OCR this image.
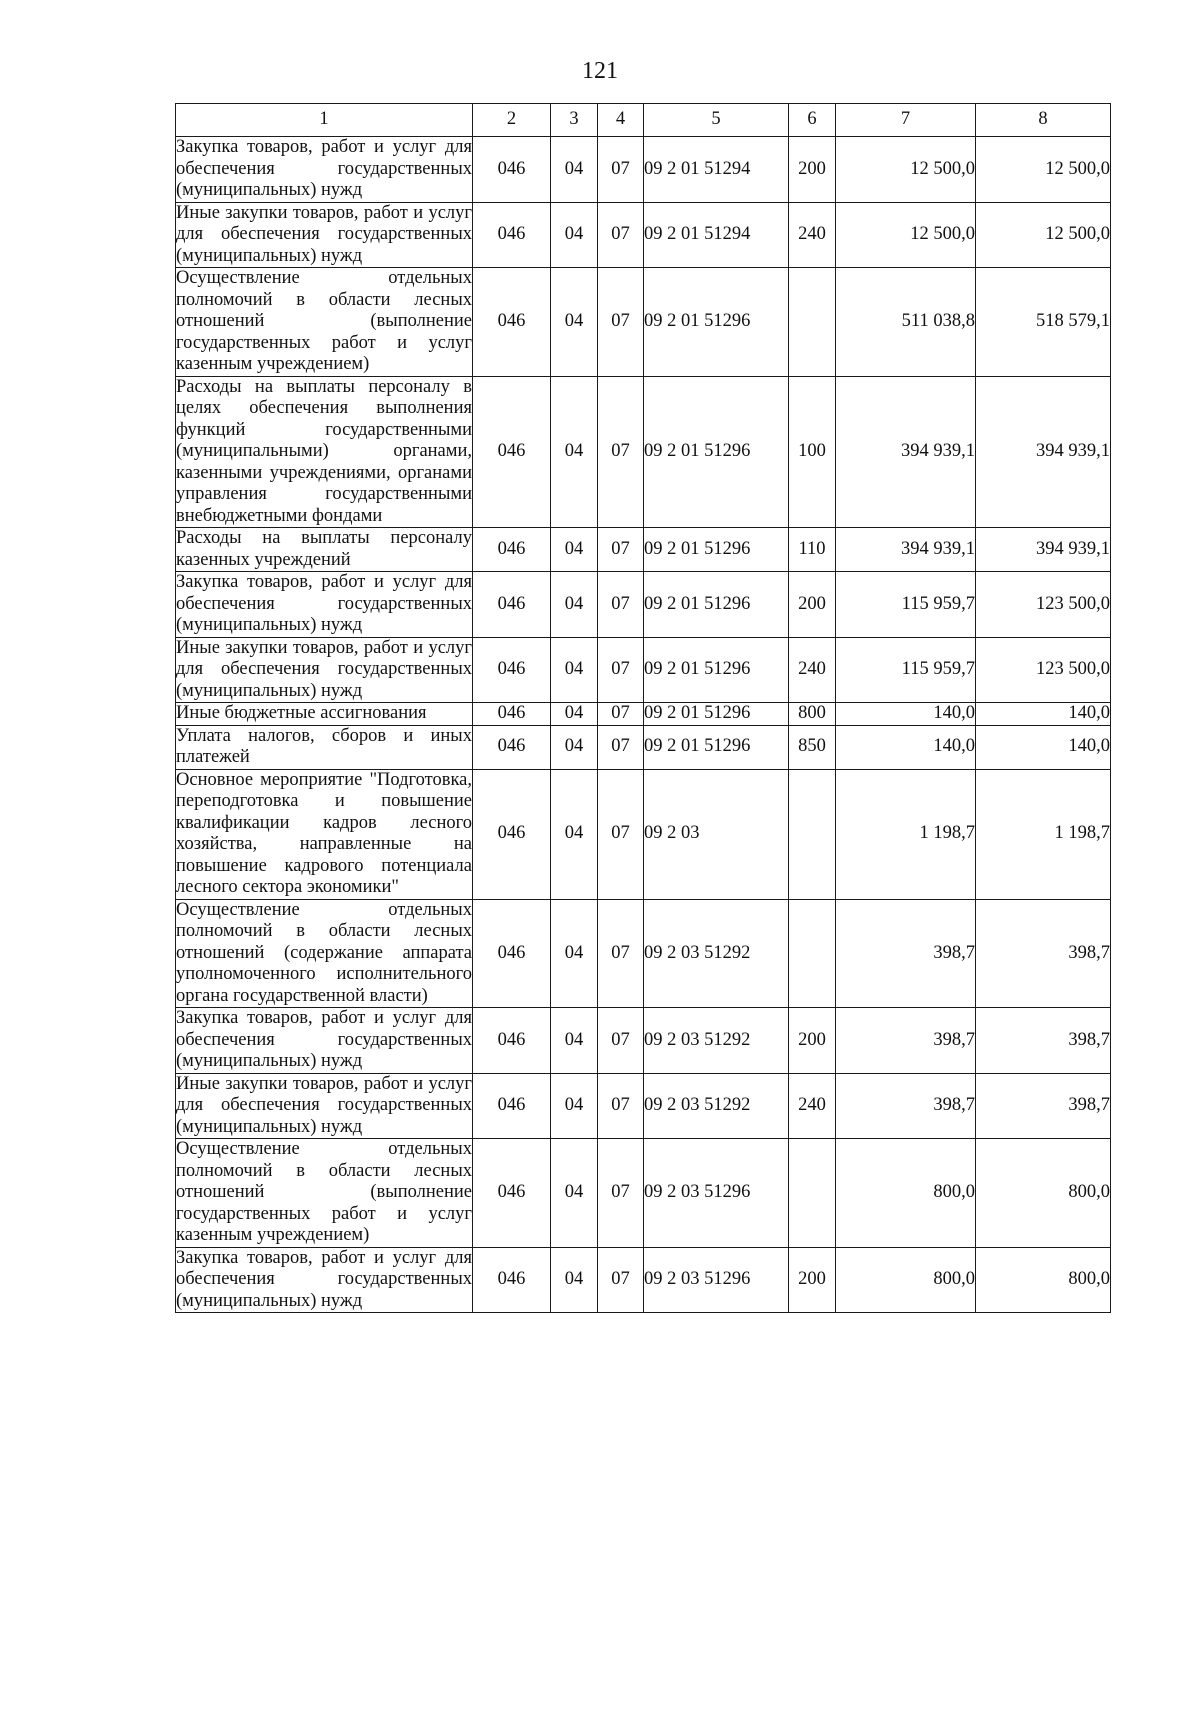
121
1	2	3	4	5	6	7	8
Закупка товаров, работ и услуг для обеспечения государственных (муниципальных) нужд	046	04	07	09 2 01 51294	200	12 500,0	12 500,0
Иные закупки товаров, работ и услуг для обеспечения государственных (муниципальных) нужд	046	04	07	09 2 01 51294	240	12 500,0	12 500,0
Осуществление отдельных полномочий в области лесных отношений (выполнение государственных работ и услуг казенным учреждением)	046	04	07	09 2 01 51296		511 038,8	518 579,1
Расходы на выплаты персоналу в целях обеспечения выполнения функций государственными (муниципальными) органами, казенными учреждениями, органами управления государственными внебюджетными фондами	046	04	07	09 2 01 51296	100	394 939,1	394 939,1
Расходы на выплаты персоналу казенных учреждений	046	04	07	09 2 01 51296	110	394 939,1	394 939,1
Закупка товаров, работ и услуг для обеспечения государственных (муниципальных) нужд	046	04	07	09 2 01 51296	200	115 959,7	123 500,0
Иные закупки товаров, работ и услуг для обеспечения государственных (муниципальных) нужд	046	04	07	09 2 01 51296	240	115 959,7	123 500,0
Иные бюджетные ассигнования	046	04	07	09 2 01 51296	800	140,0	140,0
Уплата налогов, сборов и иных платежей	046	04	07	09 2 01 51296	850	140,0	140,0
Основное мероприятие "Подготовка, переподготовка и повышение квалификации кадров лесного хозяйства, направленные на повышение кадрового потенциала лесного сектора экономики"	046	04	07	09 2 03		1 198,7	1 198,7
Осуществление отдельных полномочий в области лесных отношений (содержание аппарата уполномоченного исполнительного органа государственной власти)	046	04	07	09 2 03 51292		398,7	398,7
Закупка товаров, работ и услуг для обеспечения государственных (муниципальных) нужд	046	04	07	09 2 03 51292	200	398,7	398,7
Иные закупки товаров, работ и услуг для обеспечения государственных (муниципальных) нужд	046	04	07	09 2 03 51292	240	398,7	398,7
Осуществление отдельных полномочий в области лесных отношений (выполнение государственных работ и услуг казенным учреждением)	046	04	07	09 2 03 51296		800,0	800,0
Закупка товаров, работ и услуг для обеспечения государственных (муниципальных) нужд	046	04	07	09 2 03 51296	200	800,0	800,0
